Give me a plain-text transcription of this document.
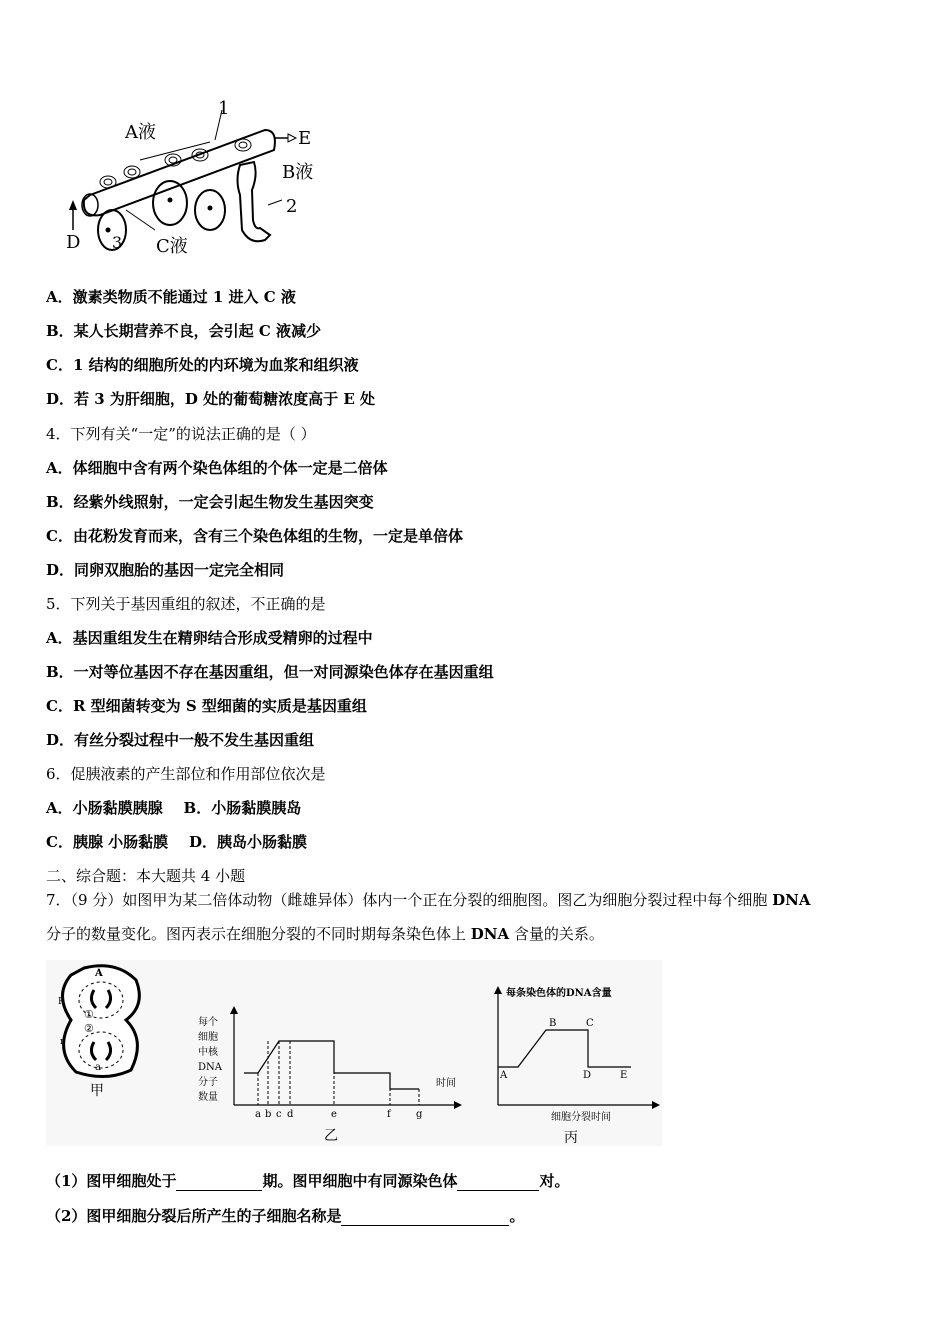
1
A液	E
B液
2
D 3 C液
A．激素类物质不能通过 1 进入 C 液
B．某人长期营养不良，会引起 C 液减少
C．1 结构的细胞所处的内环境为血浆和组织液
D．若 3 为肝细胞，D 处的葡萄糖浓度高于 E 处
4．下列有关“一定”的说法正确的是（ ）
A．体细胞中含有两个染色体组的个体一定是二倍体
B．经紫外线照射，一定会引起生物发生基因突变
C．由花粉发育而来，含有三个染色体组的生物，一定是单倍体
D．同卵双胞胎的基因一定完全相同
5．下列关于基因重组的叙述，不正确的是
A．基因重组发生在精卵结合形成受精卵的过程中
B．一对等位基因不存在基因重组，但一对同源染色体存在基因重组
C．R 型细菌转变为 S 型细菌的实质是基因重组
D．有丝分裂过程中一般不发生基因重组
6．促胰液素的产生部位和作用部位依次是
A．小肠黏膜胰腺    B．小肠黏膜胰岛
C．胰腺 小肠黏膜    D．胰岛小肠黏膜
二、综合题：本大题共 4 小题
7．（9 分）如图甲为某二倍体动物（雌雄异体）体内一个正在分裂的细胞图。图乙为细胞分裂过程中每个细胞 DNA
分子的数量变化。图丙表示在细胞分裂的不同时期每条染色体上 DNA 含量的关系。
A
R
①
②
r
a
甲
a b c d	e	f	g
每个
细胞
中核
DNA
分子
数量
时间
乙
每条染色体的DNA含量
A
B	C
D	E
细胞分裂时间
丙
（1）图甲细胞处于	期。图甲细胞中有同源染色体	对。
（2）图甲细胞分裂后所产生的子细胞名称是	。
